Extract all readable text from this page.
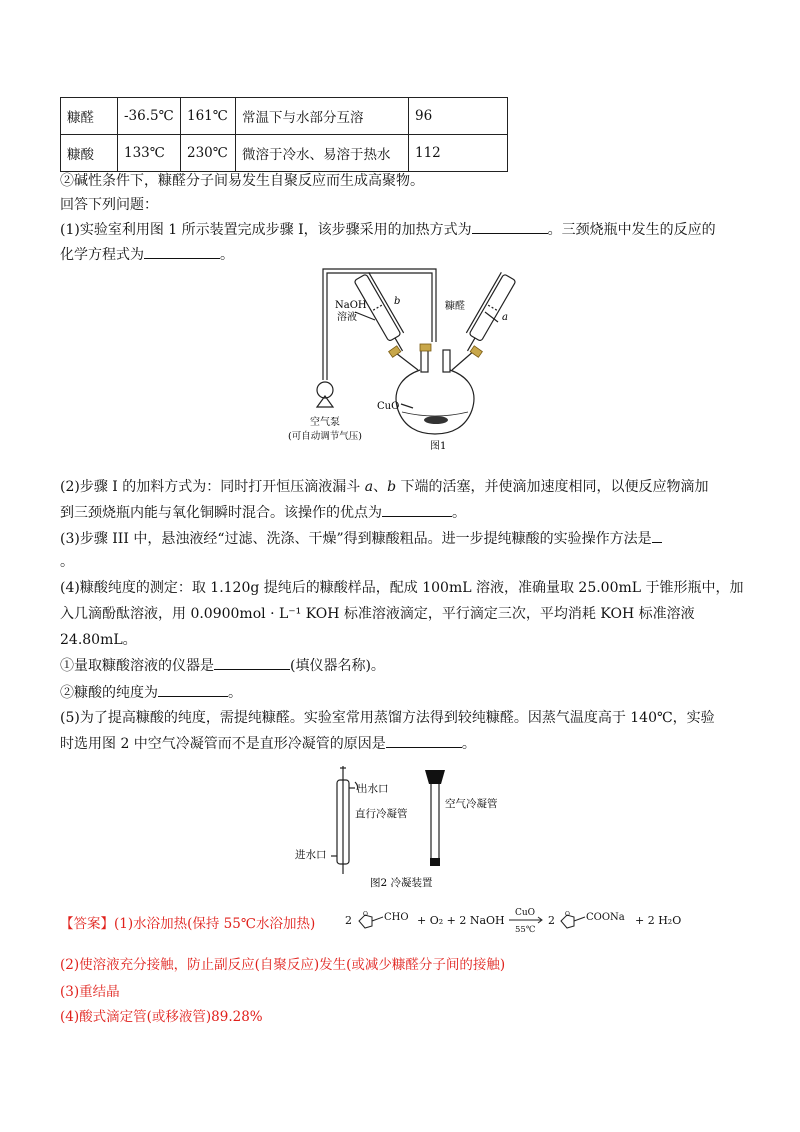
糠醛	-36.5℃	161℃	常温下与水部分互溶	96
糠酸	133℃	230℃	微溶于冷水、易溶于热水	112
②碱性条件下，糠醛分子间易发生自聚反应而生成高聚物。
回答下列问题：
(1)实验室利用图 1 所示装置完成步骤 I，该步骤采用的加热方式为	。三颈烧瓶中发生的反应的
化学方程式为	。
NaOH
溶液
b	糠醛
a
CuO
空气泵
(可自动调节气压)
图1
(2)步骤 I 的加料方式为：同时打开恒压滴液漏斗 a、b 下端的活塞，并使滴加速度相同，以便反应物滴加
到三颈烧瓶内能与氧化铜瞬时混合。该操作的优点为	。
(3)步骤 III 中，悬浊液经“过滤、洗涤、干燥”得到糠酸粗品。进一步提纯糠酸的实验操作方法是
。
(4)糠酸纯度的测定：取 1.120g 提纯后的糠酸样品，配成 100mL 溶液，准确量取 25.00mL 于锥形瓶中，加
入几滴酚酞溶液，用 0.0900mol · L⁻¹ KOH 标准溶液滴定，平行滴定三次，平均消耗 KOH 标准溶液
24.80mL。
①量取糠酸溶液的仪器是	(填仪器名称)。
②糠酸的纯度为	。
(5)为了提高糠酸的纯度，需提纯糠醛。实验室常用蒸馏方法得到较纯糠醛。因蒸气温度高于 140℃，实验
时选用图 2 中空气冷凝管而不是直形冷凝管的原因是	。
出水口
直行冷凝管
空气冷凝管
进水口
图2 冷凝装置
【答案】(1)水浴加热(保持 55℃水浴加热)	2 O CHO + O₂ + 2 NaOH
CuO
55℃
2 O COONa + 2 H₂O
(2)使溶液充分接触，防止副反应(自聚反应)发生(或减少糠醛分子间的接触)
(3)重结晶
(4)酸式滴定管(或移液管)89.28%
